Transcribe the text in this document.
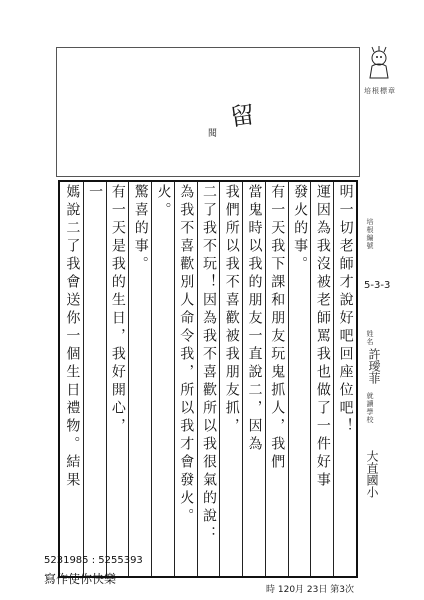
培根標章
留
閱
明一切老師才說好吧回座位吧！
運因為我沒被老師罵我也做了一件好事
發火的事。
有一天我下課和朋友玩鬼抓人，我們
當鬼時以我的朋友一直說二，因為
我們所以我不喜歡被我朋友抓，
二了我不玩！因為我不喜歡所以我很氣的說：
為我不喜歡別人命令我，所以我才會發火。
火。
驚喜的事。
有一天是我的生日，我好開心，
一
媽說二了我會送你一個生日禮物。結果	培根編號
5-3-3
姓名
許璦菲
就讀學校
大直國小
5231985 : 5255393
寫作使你快樂
時 120月 23日 第3次
